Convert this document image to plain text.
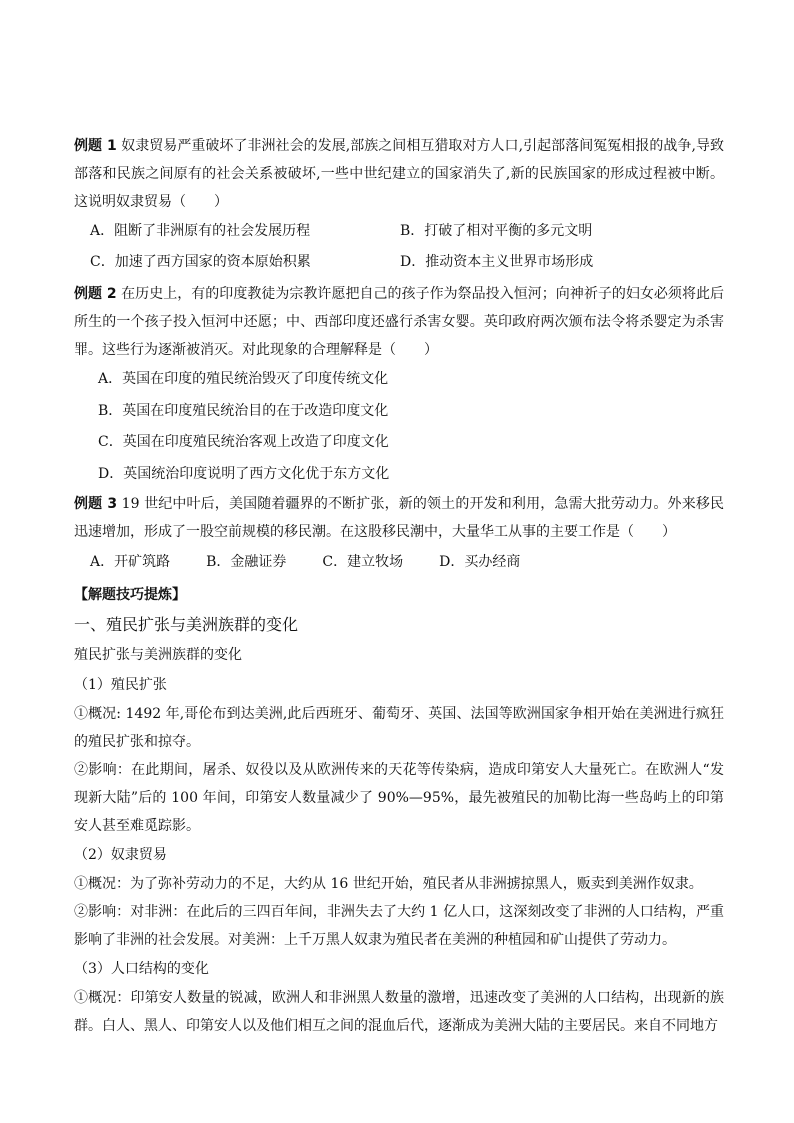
例题 1 奴隶贸易严重破坏了非洲社会的发展,部族之间相互猎取对方人口,引起部落间冤冤相报的战争,导致部落和民族之间原有的社会关系被破坏,一些中世纪建立的国家消失了,新的民族国家的形成过程被中断。这说明奴隶贸易（　　）

A．阻断了非洲原有的社会发展历程	B．打破了相对平衡的多元文明
C．加速了西方国家的资本原始积累	D．推动资本主义世界市场形成

例题 2 在历史上，有的印度教徒为宗教许愿把自己的孩子作为祭品投入恒河；向神祈子的妇女必须将此后所生的一个孩子投入恒河中还愿；中、西部印度还盛行杀害女婴。英印政府两次颁布法令将杀婴定为杀害罪。这些行为逐渐被消灭。对此现象的合理解释是（　　）

A．英国在印度的殖民统治毁灭了印度传统文化
B．英国在印度殖民统治目的在于改造印度文化
C．英国在印度殖民统治客观上改造了印度文化
D．英国统治印度说明了西方文化优于东方文化

例题 3 19 世纪中叶后，美国随着疆界的不断扩张，新的领土的开发和利用，急需大批劳动力。外来移民迅速增加，形成了一股空前规模的移民潮。在这股移民潮中，大量华工从事的主要工作是（　　）

A．开矿筑路	B．金融证券	C．建立牧场	D．买办经商
【解题技巧提炼】
一、殖民扩张与美洲族群的变化
殖民扩张与美洲族群的变化
（1）殖民扩张

①概况: 1492 年,哥伦布到达美洲,此后西班牙、葡萄牙、英国、法国等欧洲国家争相开始在美洲进行疯狂的殖民扩张和掠夺。

②影响：在此期间，屠杀、奴役以及从欧洲传来的天花等传染病，造成印第安人大量死亡。在欧洲人“发现新大陆”后的 100 年间，印第安人数量减少了 90%—95%，最先被殖民的加勒比海一些岛屿上的印第安人甚至难觅踪影。

（2）奴隶贸易

①概况：为了弥补劳动力的不足，大约从 16 世纪开始，殖民者从非洲掳掠黑人，贩卖到美洲作奴隶。

②影响：对非洲：在此后的三四百年间，非洲失去了大约 1 亿人口，这深刻改变了非洲的人口结构，严重影响了非洲的社会发展。对美洲：上千万黑人奴隶为殖民者在美洲的种植园和矿山提供了劳动力。

（3）人口结构的变化

①概况：印第安人数量的锐减，欧洲人和非洲黑人数量的激增，迅速改变了美洲的人口结构，出现新的族群。白人、黑人、印第安人以及他们相互之间的混血后代，逐渐成为美洲大陆的主要居民。来自不同地方
